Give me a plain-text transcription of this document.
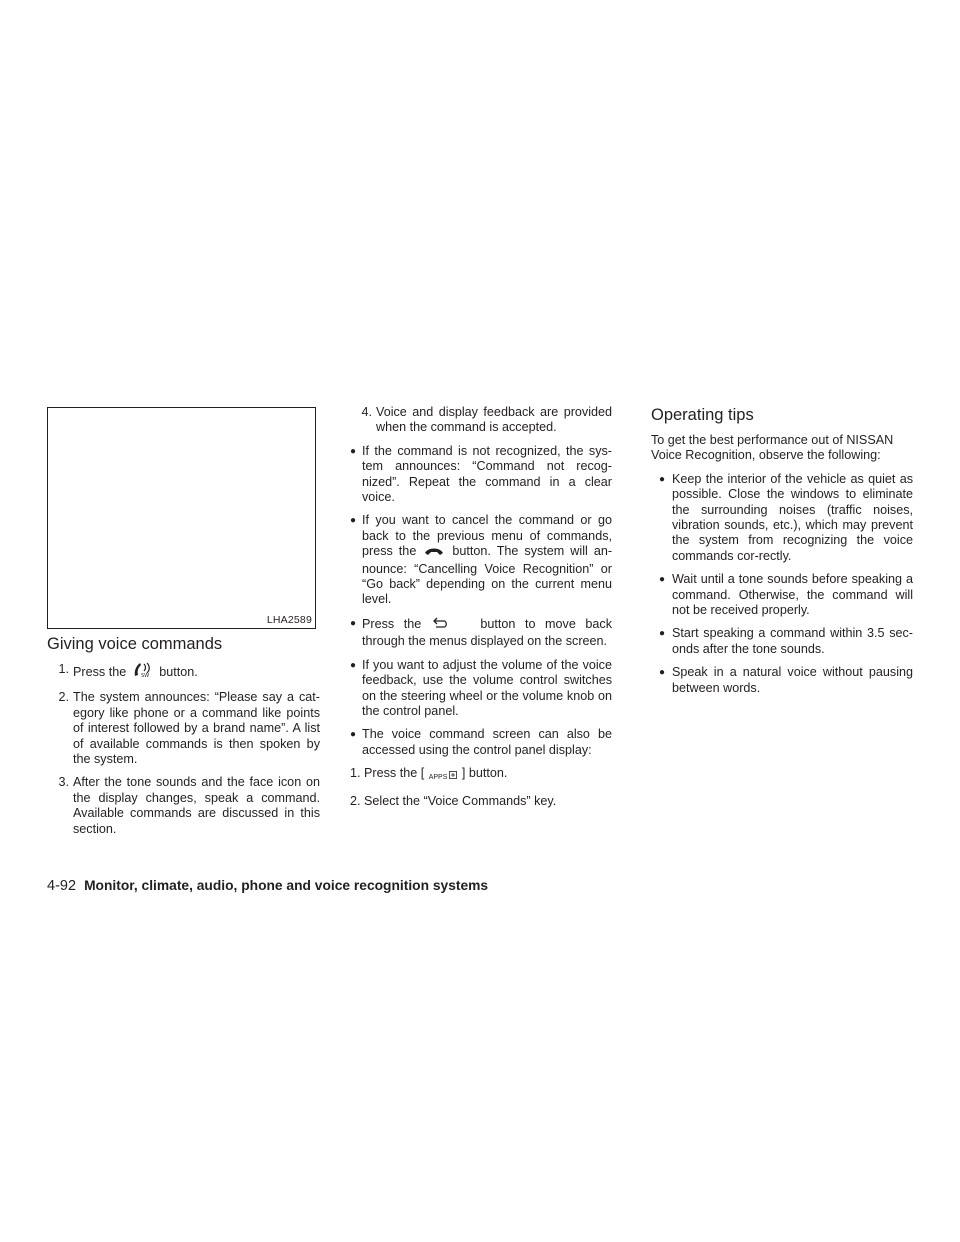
LHA2589
Giving voice commands
1. Press the	SW button.
2. The system announces: “Please say a cat-egory like phone or a command like points of interest followed by a brand name”. A list of available commands is then spoken by the system.
3. After the tone sounds and the face icon on the display changes, speak a command. Available commands are discussed in this section.
4. Voice and display feedback are provided when the command is accepted.
● If the command is not recognized, the sys-tem announces: “Command not recog-nized”. Repeat the command in a clear voice.
● If you want to cancel the command or go back to the previous menu of commands, press the	button. The system will an-nounce: “Cancelling Voice Recognition” or “Go back” depending on the current menu level.
● Press the	button to move back through the menus displayed on the screen.
● If you want to adjust the volume of the voice feedback, use the volume control switches on the steering wheel or the volume knob on the control panel.
● The voice command screen can also be accessed using the control panel display:
1. Press the [ APPS ] button.
2. Select the “Voice Commands” key.
Operating tips

To get the best performance out of NISSAN Voice Recognition, observe the following:

● Keep the interior of the vehicle as quiet as possible. Close the windows to eliminate the surrounding noises (traffic noises, vibration sounds, etc.), which may prevent the system from recognizing the voice commands cor-rectly.
● Wait until a tone sounds before speaking a command. Otherwise, the command will not be received properly.
● Start speaking a command within 3.5 sec-onds after the tone sounds.
● Speak in a natural voice without pausing between words.
4-92 Monitor, climate, audio, phone and voice recognition systems
